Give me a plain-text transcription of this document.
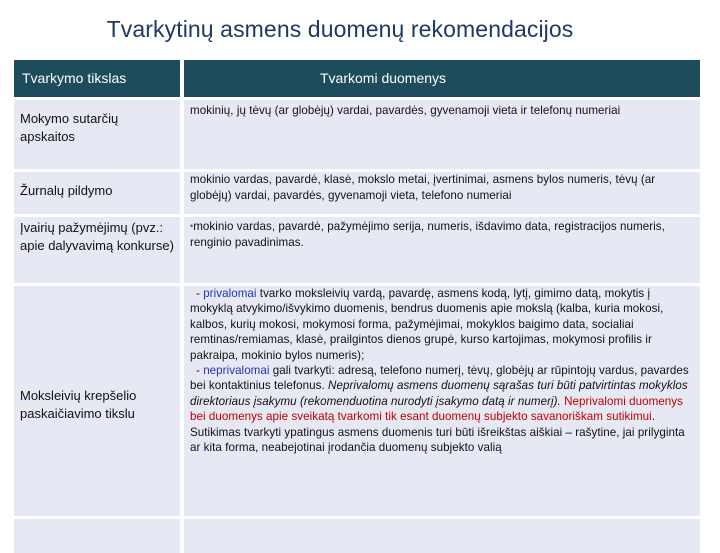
Tvarkytinų asmens duomenų rekomendacijos
Tvarkymo tikslas	Tvarkomi duomenys
Mokymo sutarčių apskaitos
mokinių, jų tėvų (ar globėjų) vardai, pavardės, gyvenamoji vieta ir telefonų numeriai
Žurnalų pildymo
mokinio vardas, pavardė, klasė, mokslo metai, įvertinimai, asmens bylos numeris, tėvų (ar globėjų) vardai, pavardės, gyvenamoji vieta, telefono numeriai
Įvairių pažymėjimų (pvz.: apie dalyvavimą konkurse)
•mokinio vardas, pavardė, pažymėjimo serija, numeris, išdavimo data, registracijos numeris, renginio pavadinimas.
Moksleivių krepšelio paskaičiavimo tikslu
- privalomai tvarko moksleivių vardą, pavardę, asmens kodą, lytį, gimimo datą, mokytis į mokyklą atvykimo/išvykimo duomenis, bendrus duomenis apie mokslą (kalba, kuria mokosi, kalbos, kurių mokosi, mokymosi forma, pažymėjimai, mokyklos baigimo data, socialiai remtinas/remiamas, klasė, prailgintos dienos grupė, kurso kartojimas, mokymosi profilis ir pakraipa, mokinio bylos numeris);
- neprivalomai gali tvarkyti: adresą, telefono numerį, tėvų, globėjų ar rūpintojų vardus, pavardes bei kontaktinius telefonus. Neprivalomų asmens duomenų sąrašas turi būti patvirtintas mokyklos direktoriaus įsakymu (rekomenduotina nurodyti įsakymo datą ir numerį). Neprivalomi duomenys bei duomenys apie sveikatą tvarkomi tik esant duomenų subjekto savanoriškam sutikimui. Sutikimas tvarkyti ypatingus asmens duomenis turi būti išreikštas aiškiai – rašytine, jai prilyginta ar kita forma, neabejotinai įrodančia duomenų subjekto valią
